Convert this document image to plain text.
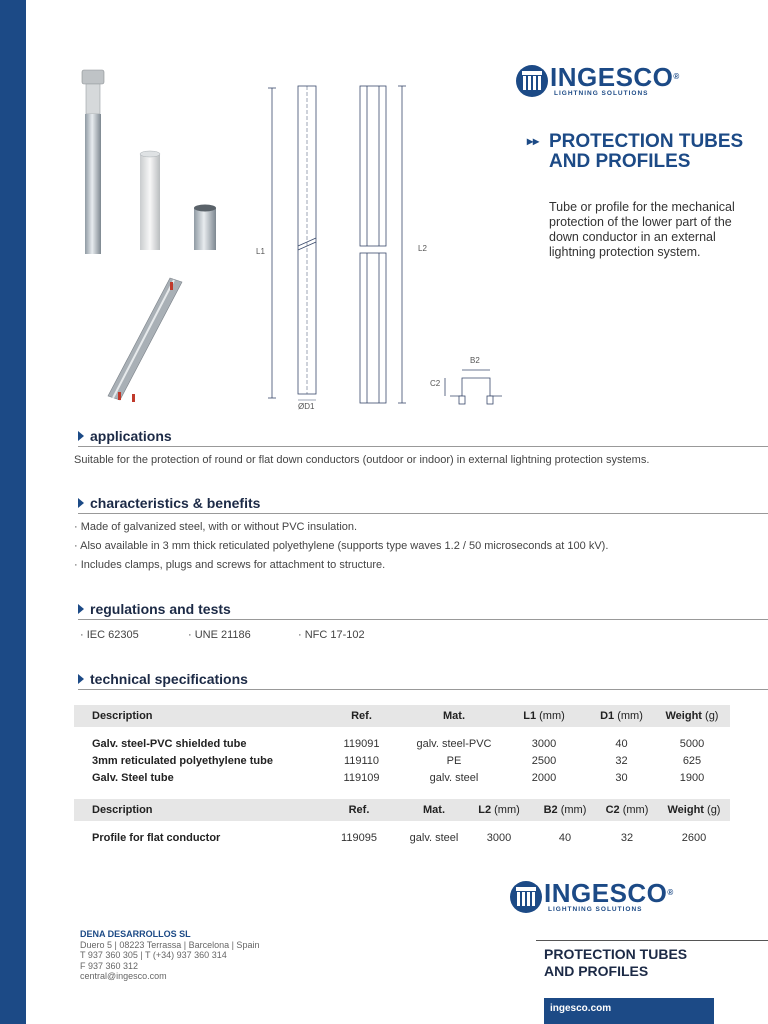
L1	L2
ØD1
B2
C2
INGESCO®
LIGHTNING SOLUTIONS
▸▸ PROTECTION TUBES
AND PROFILES
Tube or profile for the mechanical protection of the lower part of the down conductor in an external lightning protection system.
applications
Suitable for the protection of round or flat down conductors (outdoor or indoor) in external lightning protection systems.
characteristics & benefits
· Made of galvanized steel, with or without PVC insulation.
· Also available in 3 mm thick reticulated polyethylene (supports type waves 1.2 / 50 microseconds at 100 kV).
· Includes clamps, plugs and screws for attachment to structure.
regulations and tests
· IEC 62305	· UNE 21186	· NFC 17-102
technical specifications
Description	Ref.	Mat.	L1 (mm)	D1 (mm)	Weight (g)

Galv. steel-PVC shielded tube	119091	galv. steel-PVC	3000	40	5000
3mm reticulated polyethylene tube	119110	PE	2500	32	625
Galv. Steel tube	119109	galv. steel	2000	30	1900
Description	Ref.	Mat.	L2 (mm)	B2 (mm)	C2 (mm)	Weight (g)

Profile for flat conductor	119095	galv. steel	3000	40	32	2600
INGESCO®
LIGHTNING SOLUTIONS
DENA DESARROLLOS SL
Duero 5 | 08223 Terrassa | Barcelona | Spain
T 937 360 305 | T (+34) 937 360 314
F 937 360 312
central@ingesco.com
PROTECTION TUBES
AND PROFILES
ingesco.com
